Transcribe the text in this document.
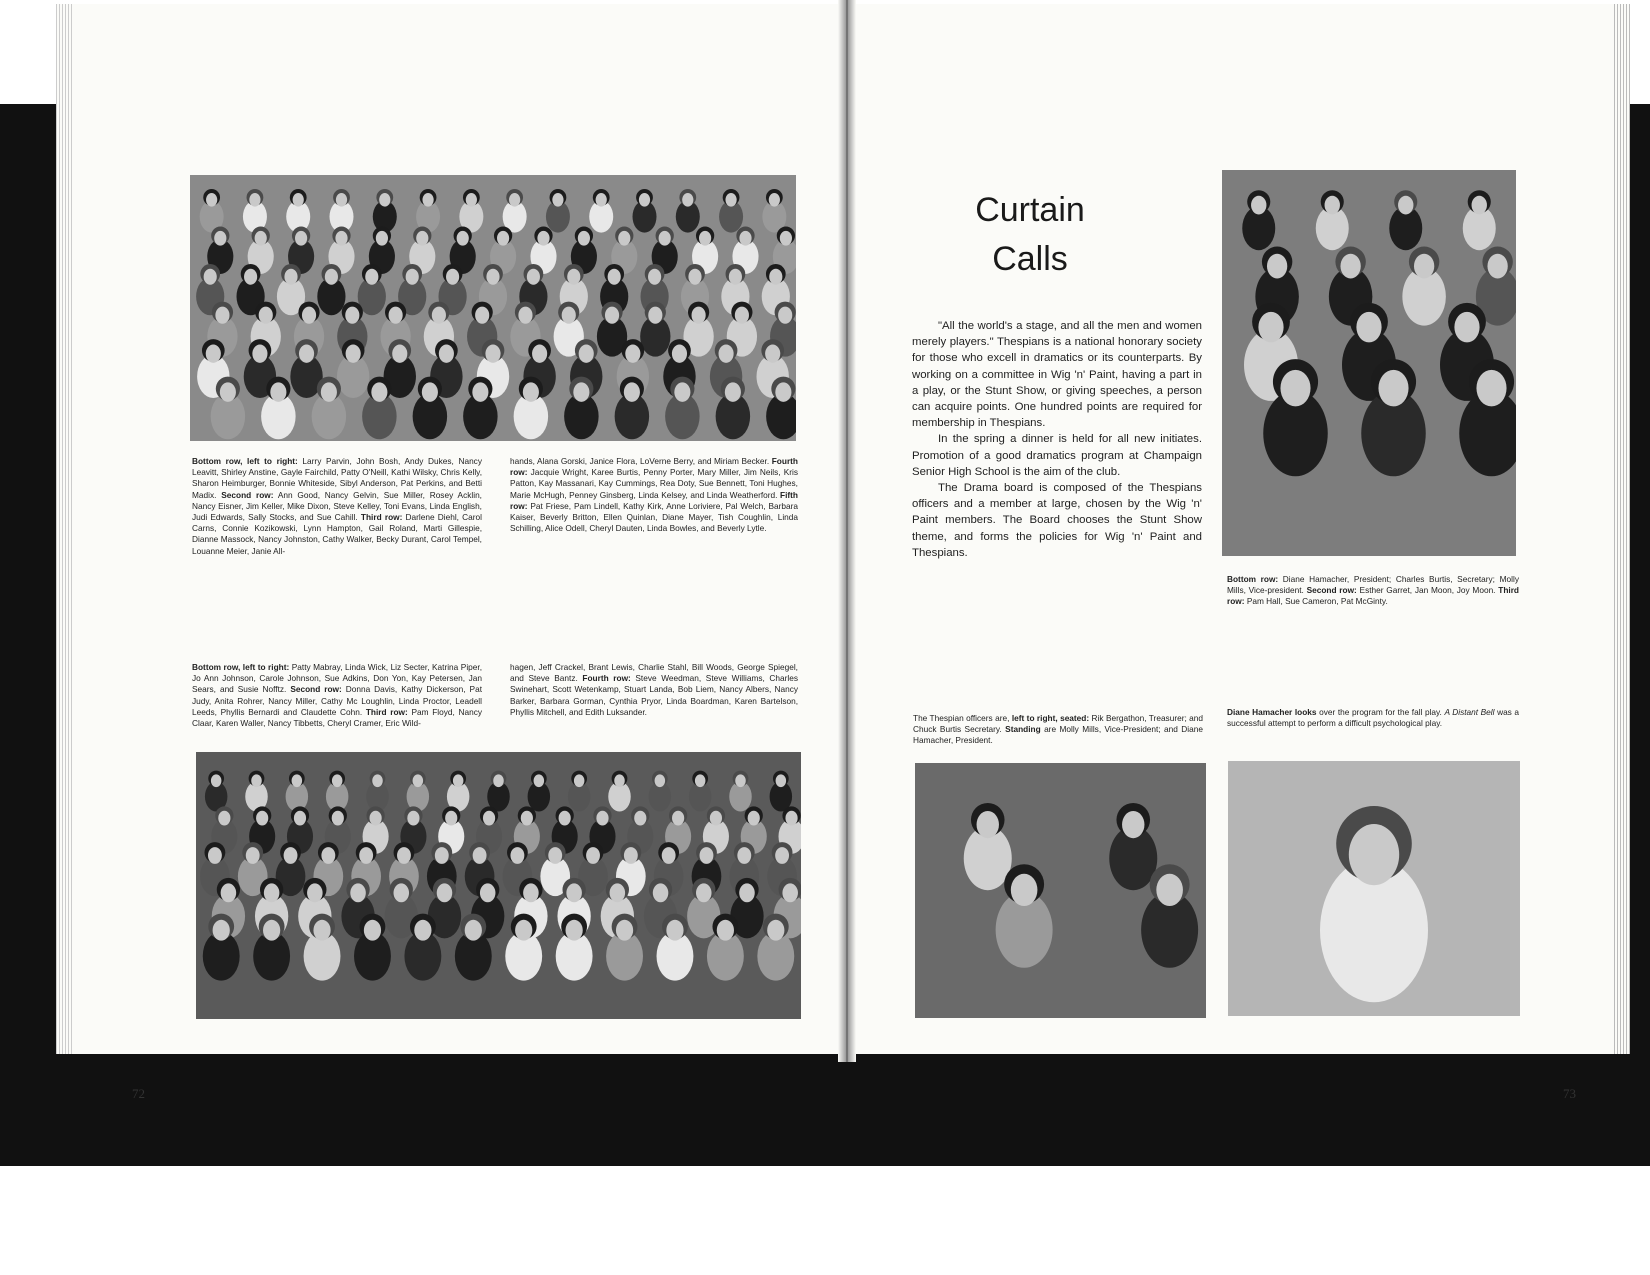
Bottom row, left to right: Larry Parvin, John Bosh, Andy Dukes, Nancy Leavitt, Shirley Anstine, Gayle Fairchild, Patty O'Neill, Kathi Wilsky, Chris Kelly, Sharon Heimburger, Bonnie Whiteside, Sibyl Anderson, Pat Perkins, and Betti Madix. Second row: Ann Good, Nancy Gelvin, Sue Miller, Rosey Acklin, Nancy Eisner, Jim Keller, Mike Dixon, Steve Kelley, Toni Evans, Linda English, Judi Edwards, Sally Stocks, and Sue Cahill. Third row: Darlene Diehl, Carol Carns, Connie Kozikowski, Lynn Hampton, Gail Roland, Marti Gillespie, Dianne Massock, Nancy Johnston, Cathy Walker, Becky Durant, Carol Tempel, Louanne Meier, Janie All-
hands, Alana Gorski, Janice Flora, LoVerne Berry, and Miriam Becker. Fourth row: Jacquie Wright, Karee Burtis, Penny Porter, Mary Miller, Jim Neils, Kris Patton, Kay Massanari, Kay Cummings, Rea Doty, Sue Bennett, Toni Hughes, Marie McHugh, Penney Ginsberg, Linda Kelsey, and Linda Weatherford. Fifth row: Pat Friese, Pam Lindell, Kathy Kirk, Anne Loriviere, Pal Welch, Barbara Kaiser, Beverly Britton, Ellen Quinlan, Diane Mayer, Tish Coughlin, Linda Schilling, Alice Odell, Cheryl Dauten, Linda Bowles, and Beverly Lytle.
Bottom row, left to right: Patty Mabray, Linda Wick, Liz Secter, Katrina Piper, Jo Ann Johnson, Carole Johnson, Sue Adkins, Don Yon, Kay Petersen, Jan Sears, and Susie Nofftz. Second row: Donna Davis, Kathy Dickerson, Pat Judy, Anita Rohrer, Nancy Miller, Cathy Mc Loughlin, Linda Proctor, Leadell Leeds, Phyllis Bernardi and Claudette Cohn. Third row: Pam Floyd, Nancy Claar, Karen Waller, Nancy Tibbetts, Cheryl Cramer, Eric Wild-
hagen, Jeff Crackel, Brant Lewis, Charlie Stahl, Bill Woods, George Spiegel, and Steve Bantz. Fourth row: Steve Weedman, Steve Williams, Charles Swinehart, Scott Wetenkamp, Stuart Landa, Bob Liem, Nancy Albers, Nancy Barker, Barbara Gorman, Cynthia Pryor, Linda Boardman, Karen Bartelson, Phyllis Mitchell, and Edith Luksander.
72
Curtain
Calls

"All the world's a stage, and all the men and women merely players." Thespians is a national honorary society for those who excell in dramatics or its counterparts. By working on a committee in Wig 'n' Paint, having a part in a play, or the Stunt Show, or giving speeches, a person can acquire points. One hundred points are required for membership in Thespians.

In the spring a dinner is held for all new initiates. Promotion of a good dramatics program at Champaign Senior High School is the aim of the club.

The Drama board is composed of the Thespians officers and a member at large, chosen by the Wig 'n' Paint members. The Board chooses the Stunt Show theme, and forms the policies for Wig 'n' Paint and Thespians.

Bottom row: Diane Hamacher, President; Charles Burtis, Secretary; Molly Mills, Vice-president. Second row: Esther Garret, Jan Moon, Joy Moon. Third row: Pam Hall, Sue Cameron, Pat McGinty.
The Thespian officers are, left to right, seated: Rik Bergathon, Treasurer; and Chuck Burtis Secretary. Standing are Molly Mills, Vice-President; and Diane Hamacher, President.
Diane Hamacher looks over the program for the fall play. A Distant Bell was a successful attempt to perform a difficult psychological play.
73
